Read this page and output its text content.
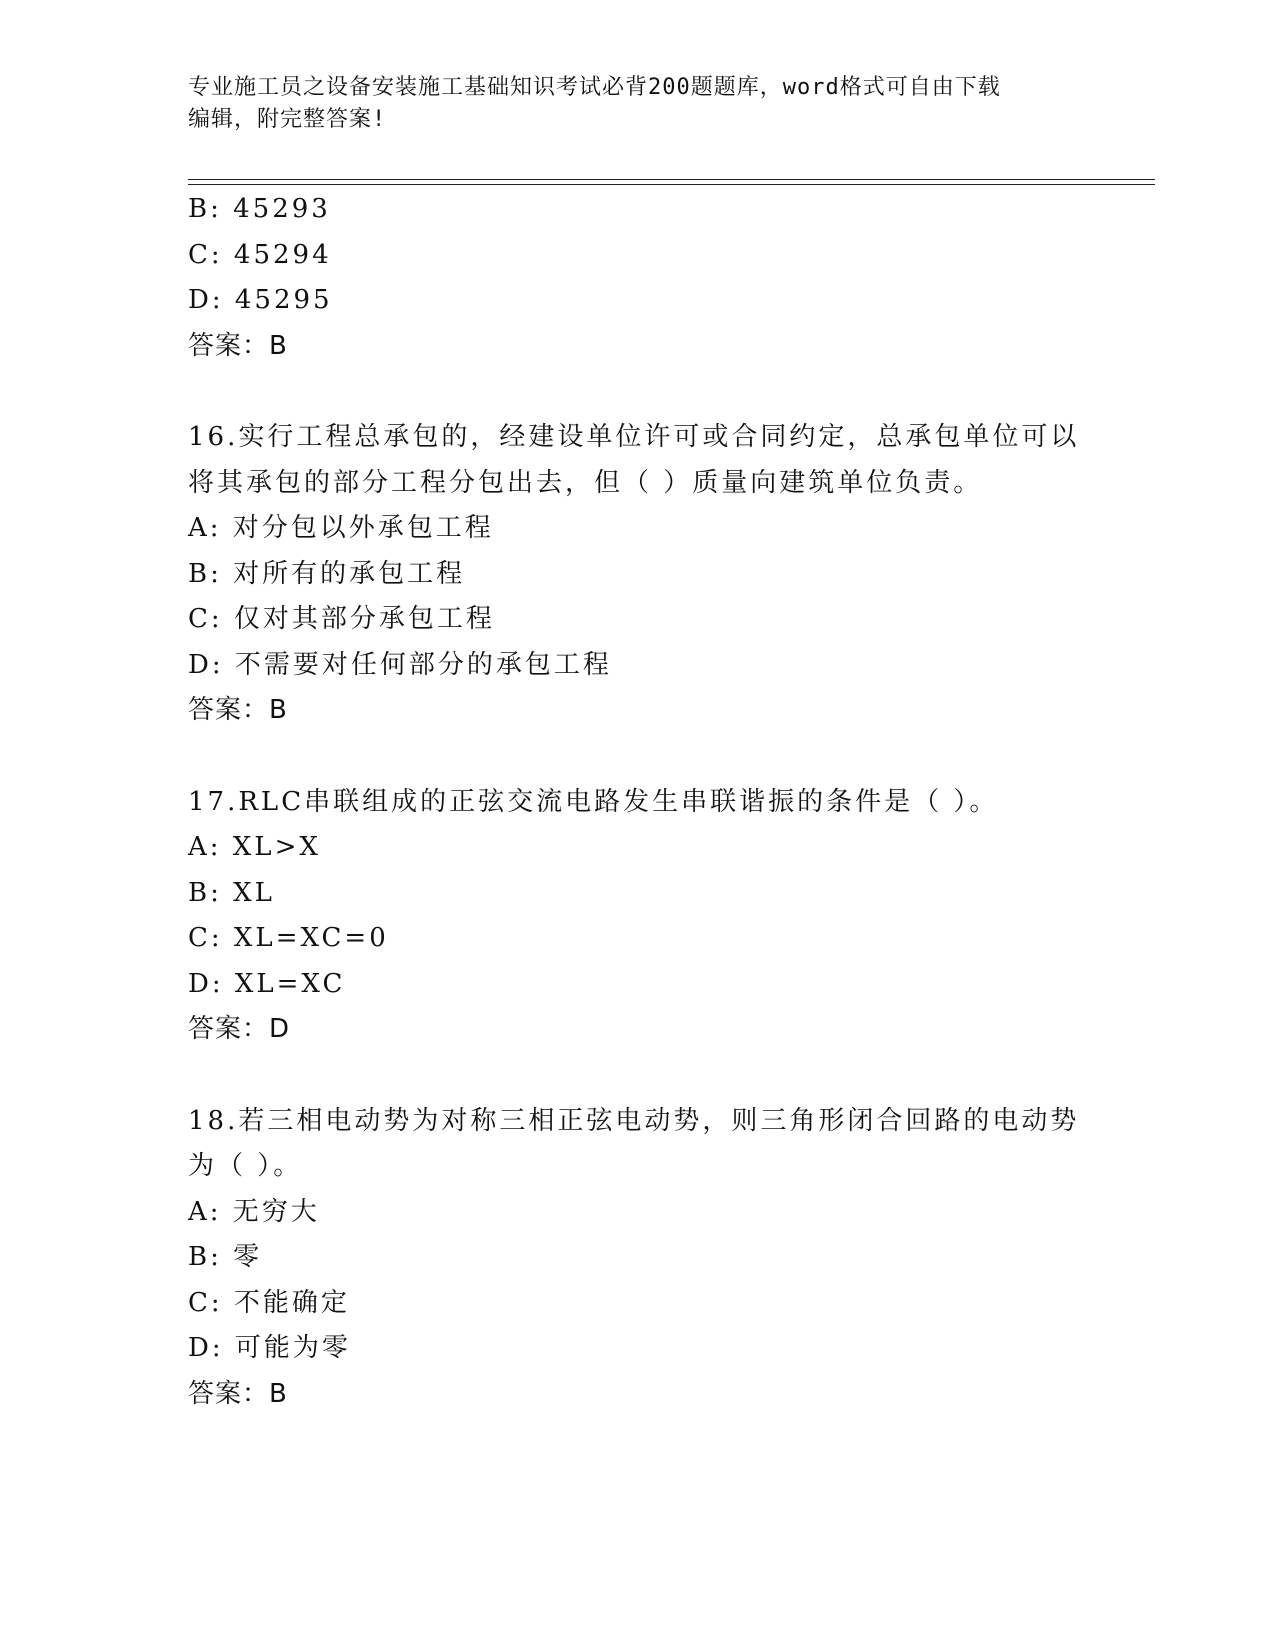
专业施工员之设备安装施工基础知识考试必背200题题库，word格式可自由下载
编辑，附完整答案!
B: 45293
C: 45294
D: 45295
答案：B
16.实行工程总承包的，经建设单位许可或合同约定，总承包单位可以
将其承包的部分工程分包出去，但（ ）质量向建筑单位负责。
A: 对分包以外承包工程
B: 对所有的承包工程
C: 仅对其部分承包工程
D: 不需要对任何部分的承包工程
答案：B
17.RLC串联组成的正弦交流电路发生串联谐振的条件是（ ）。
A: XL>X
B: XL
C: XL=XC=0
D: XL=XC
答案：D
18.若三相电动势为对称三相正弦电动势，则三角形闭合回路的电动势
为（ ）。
A: 无穷大
B: 零
C: 不能确定
D: 可能为零
答案：B
